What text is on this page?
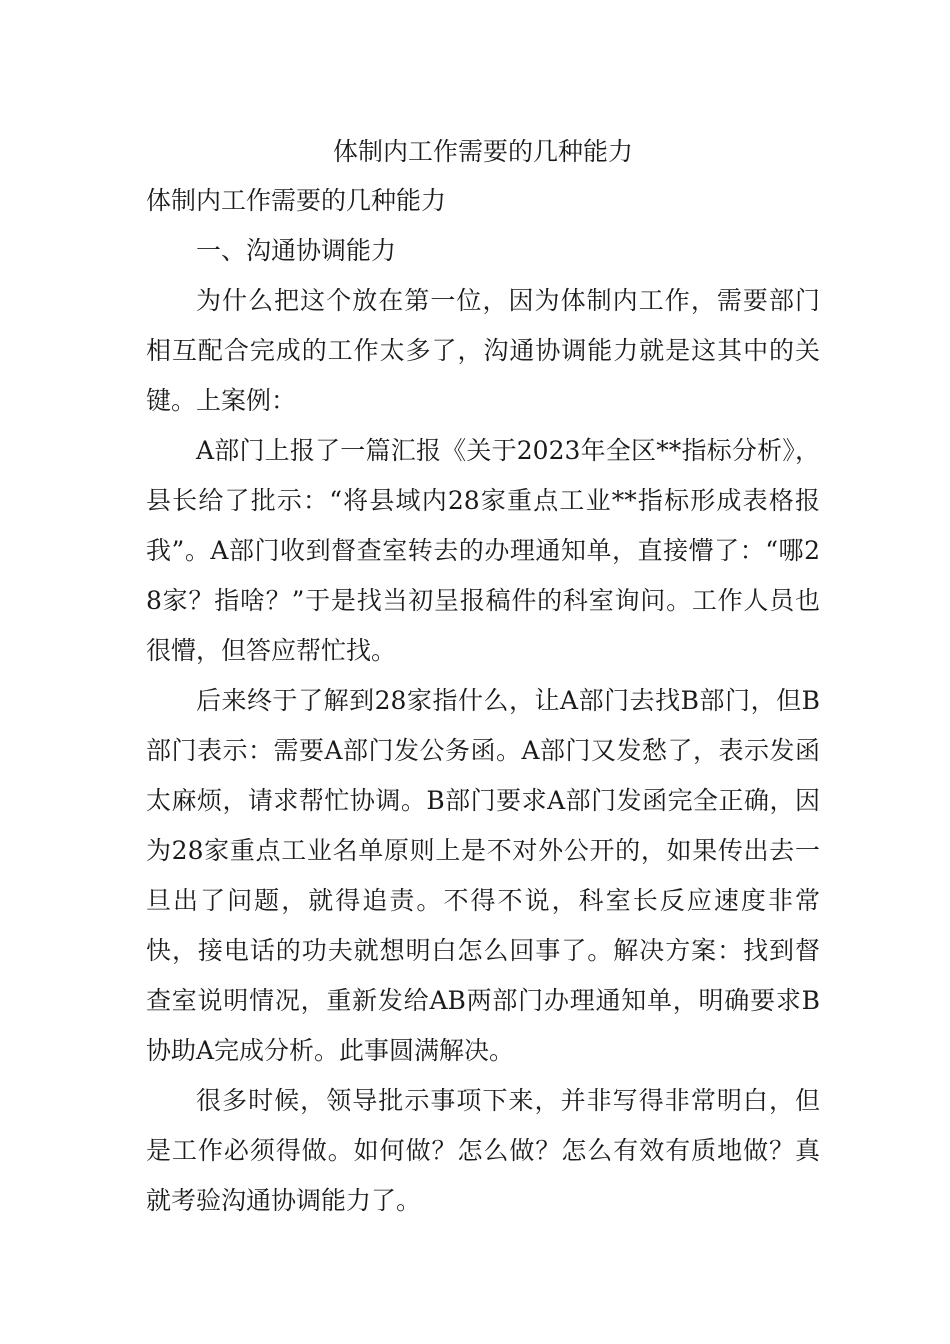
体制内工作需要的几种能力
体制内工作需要的几种能力
一、沟通协调能力

为什么把这个放在第一位，因为体制内工作，需要部门相互配合完成的工作太多了，沟通协调能力就是这其中的关键。上案例：

A部门上报了一篇汇报《关于2023年全区**指标分析》，县长给了批示：“将县域内28家重点工业**指标形成表格报我”。A部门收到督查室转去的办理通知单，直接懵了：“哪28家？指啥？”于是找当初呈报稿件的科室询问。工作人员也很懵，但答应帮忙找。

后来终于了解到28家指什么，让A部门去找B部门，但B部门表示：需要A部门发公务函。A部门又发愁了，表示发函太麻烦，请求帮忙协调。B部门要求A部门发函完全正确，因为28家重点工业名单原则上是不对外公开的，如果传出去一旦出了问题，就得追责。不得不说，科室长反应速度非常快，接电话的功夫就想明白怎么回事了。解决方案：找到督查室说明情况，重新发给AB两部门办理通知单，明确要求B协助A完成分析。此事圆满解决。

很多时候，领导批示事项下来，并非写得非常明白，但是工作必须得做。如何做？怎么做？怎么有效有质地做？真就考验沟通协调能力了。
